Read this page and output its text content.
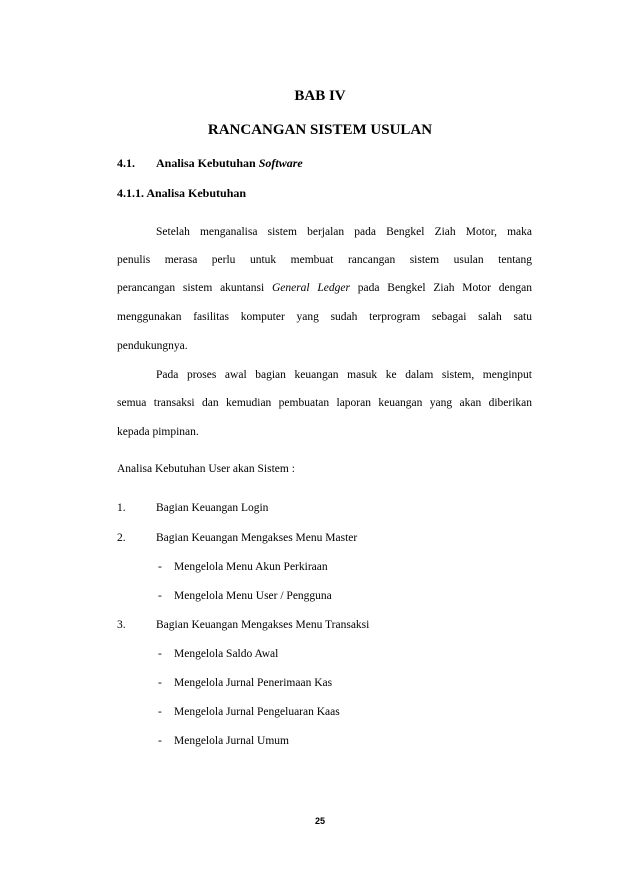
BAB IV
RANCANGAN SISTEM USULAN
4.1. Analisa Kebutuhan Software
4.1.1. Analisa Kebutuhan
Setelah menganalisa sistem berjalan pada Bengkel Ziah Motor, maka
penulis merasa perlu untuk membuat rancangan sistem usulan tentang
perancangan sistem akuntansi General Ledger pada Bengkel Ziah Motor dengan
menggunakan fasilitas komputer yang sudah terprogram sebagai salah satu
pendukungnya.
Pada proses awal bagian keuangan masuk ke dalam sistem, menginput
semua transaksi dan kemudian pembuatan laporan keuangan yang akan diberikan
kepada pimpinan.
Analisa Kebutuhan User akan Sistem :
1.	Bagian Keuangan Login
2.	Bagian Keuangan Mengakses Menu Master
- Mengelola Menu Akun Perkiraan
- Mengelola Menu User / Pengguna
3.	Bagian Keuangan Mengakses Menu Transaksi
- Mengelola Saldo Awal
- Mengelola Jurnal Penerimaan Kas
- Mengelola Jurnal Pengeluaran Kaas
- Mengelola Jurnal Umum
25
